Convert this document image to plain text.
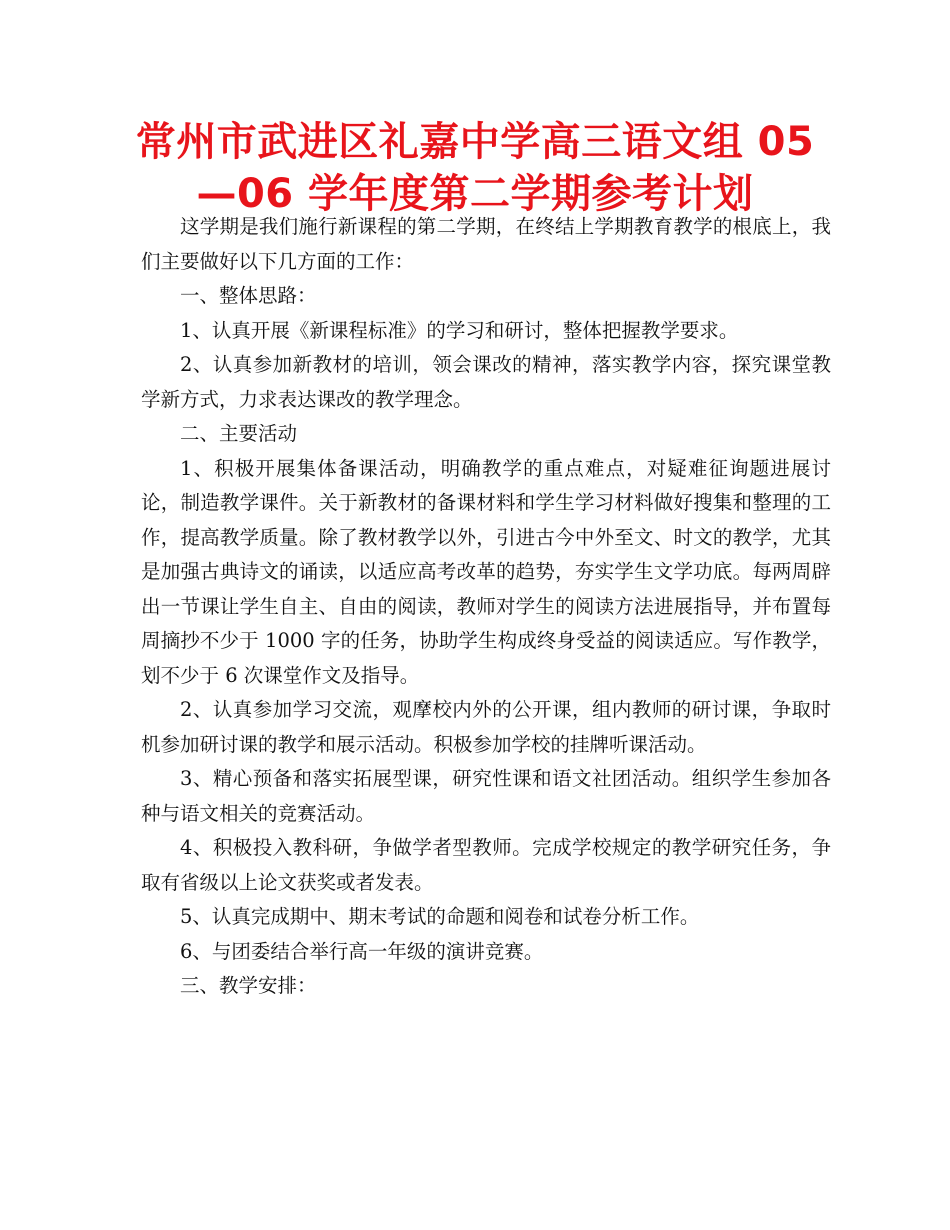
常州市武进区礼嘉中学高三语文组 05—06 学年度第二学期参考计划

这学期是我们施行新课程的第二学期，在终结上学期教育教学的根底上，我们主要做好以下几方面的工作：

一、整体思路：

1、认真开展《新课程标准》的学习和研讨，整体把握教学要求。

2、认真参加新教材的培训，领会课改的精神，落实教学内容，探究课堂教学新方式，力求表达课改的教学理念。

二、主要活动

1、积极开展集体备课活动，明确教学的重点难点，对疑难征询题进展讨论，制造教学课件。关于新教材的备课材料和学生学习材料做好搜集和整理的工作，提高教学质量。除了教材教学以外，引进古今中外至文、时文的教学，尤其是加强古典诗文的诵读，以适应高考改革的趋势，夯实学生文学功底。每两周辟出一节课让学生自主、自由的阅读，教师对学生的阅读方法进展指导，并布置每周摘抄不少于 1000 字的任务，协助学生构成终身受益的阅读适应。写作教学，划不少于 6 次课堂作文及指导。

2、认真参加学习交流，观摩校内外的公开课，组内教师的研讨课，争取时机参加研讨课的教学和展示活动。积极参加学校的挂牌听课活动。

3、精心预备和落实拓展型课，研究性课和语文社团活动。组织学生参加各种与语文相关的竞赛活动。

4、积极投入教科研，争做学者型教师。完成学校规定的教学研究任务，争取有省级以上论文获奖或者发表。

5、认真完成期中、期末考试的命题和阅卷和试卷分析工作。

6、与团委结合举行高一年级的演讲竞赛。

三、教学安排：
